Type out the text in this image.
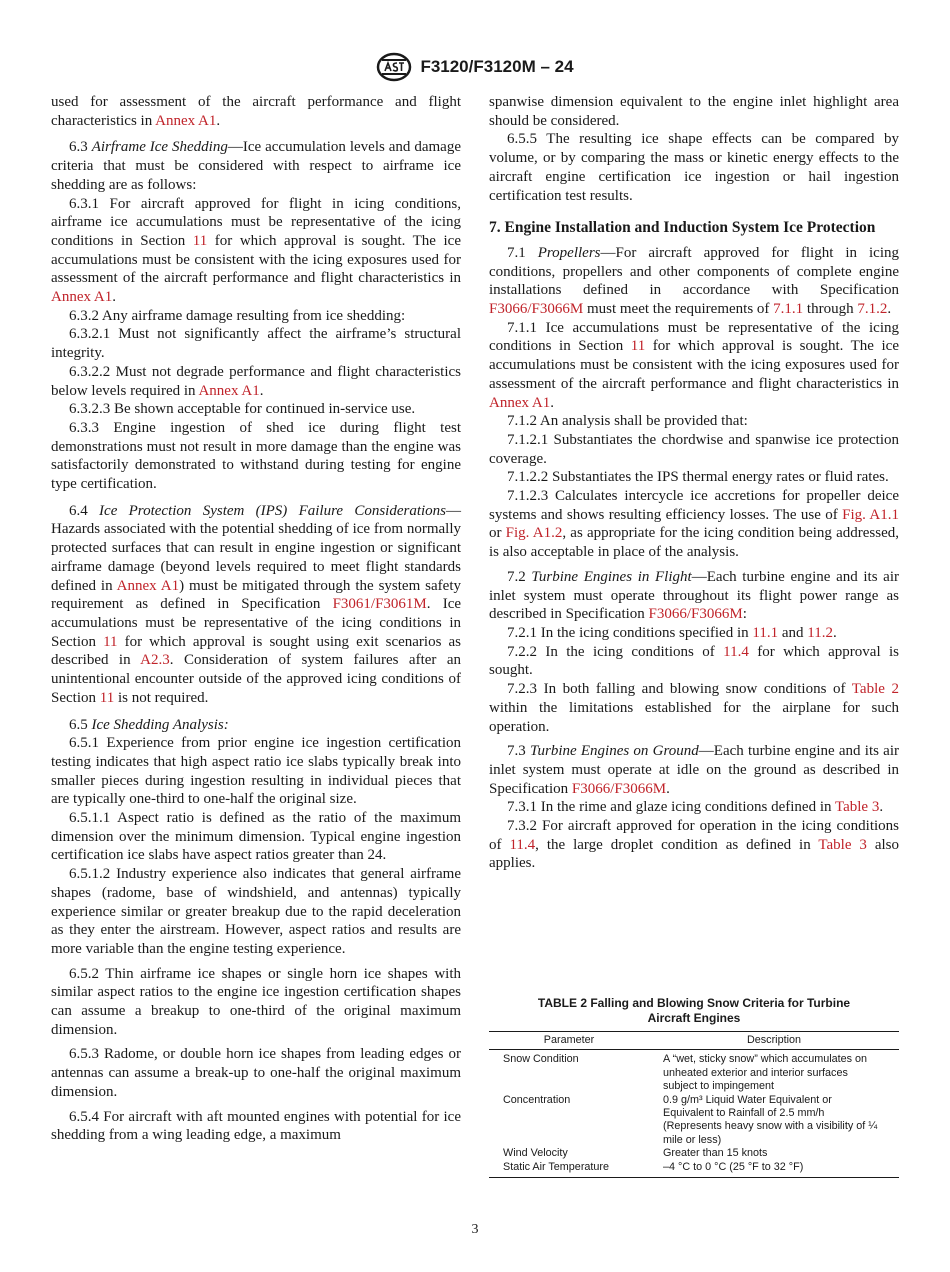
F3120/F3120M – 24

used for assessment of the aircraft performance and flight characteristics in Annex A1.

6.3 Airframe Ice Shedding—Ice accumulation levels and damage criteria that must be considered with respect to airframe ice shedding are as follows:

6.3.1 For aircraft approved for flight in icing conditions, airframe ice accumulations must be representative of the icing conditions in Section 11 for which approval is sought. The ice accumulations must be consistent with the icing exposures used for assessment of the aircraft performance and flight characteristics in Annex A1.

6.3.2 Any airframe damage resulting from ice shedding:

6.3.2.1 Must not significantly affect the airframe’s structural integrity.

6.3.2.2 Must not degrade performance and flight characteristics below levels required in Annex A1.

6.3.2.3 Be shown acceptable for continued in-service use.

6.3.3 Engine ingestion of shed ice during flight test demonstrations must not result in more damage than the engine was satisfactorily demonstrated to withstand during testing for engine type certification.

6.4 Ice Protection System (IPS) Failure Considerations—Hazards associated with the potential shedding of ice from normally protected surfaces that can result in engine ingestion or significant airframe damage (beyond levels required to meet flight standards defined in Annex A1) must be mitigated through the system safety requirement as defined in Specification F3061/F3061M. Ice accumulations must be representative of the icing conditions in Section 11 for which approval is sought using exit scenarios as described in A2.3. Consideration of system failures after an unintentional encounter outside of the approved icing conditions of Section 11 is not required.

6.5 Ice Shedding Analysis:

6.5.1 Experience from prior engine ice ingestion certification testing indicates that high aspect ratio ice slabs typically break into smaller pieces during ingestion resulting in individual pieces that are typically one-third to one-half the original size.

6.5.1.1 Aspect ratio is defined as the ratio of the maximum dimension over the minimum dimension. Typical engine ingestion certification ice slabs have aspect ratios greater than 24.

6.5.1.2 Industry experience also indicates that general airframe shapes (radome, base of windshield, and antennas) typically experience similar or greater breakup due to the rapid deceleration as they enter the airstream. However, aspect ratios and results are more variable than the engine testing experience.

6.5.2 Thin airframe ice shapes or single horn ice shapes with similar aspect ratios to the engine ice ingestion certification shapes can assume a breakup to one-third of the original maximum dimension.

6.5.3 Radome, or double horn ice shapes from leading edges or antennas can assume a break-up to one-half the original maximum dimension.

6.5.4 For aircraft with aft mounted engines with potential for ice shedding from a wing leading edge, a maximum

spanwise dimension equivalent to the engine inlet highlight area should be considered.

6.5.5 The resulting ice shape effects can be compared by volume, or by comparing the mass or kinetic energy effects to the aircraft engine certification ice ingestion or hail ingestion certification test results.

7. Engine Installation and Induction System Ice Protection

7.1 Propellers—For aircraft approved for flight in icing conditions, propellers and other components of complete engine installations defined in accordance with Specification F3066/F3066M must meet the requirements of 7.1.1 through 7.1.2.

7.1.1 Ice accumulations must be representative of the icing conditions in Section 11 for which approval is sought. The ice accumulations must be consistent with the icing exposures used for assessment of the aircraft performance and flight characteristics in Annex A1.

7.1.2 An analysis shall be provided that:

7.1.2.1 Substantiates the chordwise and spanwise ice protection coverage.

7.1.2.2 Substantiates the IPS thermal energy rates or fluid rates.

7.1.2.3 Calculates intercycle ice accretions for propeller deice systems and shows resulting efficiency losses. The use of Fig. A1.1 or Fig. A1.2, as appropriate for the icing condition being addressed, is also acceptable in place of the analysis.

7.2 Turbine Engines in Flight—Each turbine engine and its air inlet system must operate throughout its flight power range as described in Specification F3066/F3066M:

7.2.1 In the icing conditions specified in 11.1 and 11.2.

7.2.2 In the icing conditions of 11.4 for which approval is sought.

7.2.3 In both falling and blowing snow conditions of Table 2 within the limitations established for the airplane for such operation.

7.3 Turbine Engines on Ground—Each turbine engine and its air inlet system must operate at idle on the ground as described in Specification F3066/F3066M.

7.3.1 In the rime and glaze icing conditions defined in Table 3.

7.3.2 For aircraft approved for operation in the icing conditions of 11.4, the large droplet condition as defined in Table 3 also applies.

TABLE 2 Falling and Blowing Snow Criteria for Turbine Aircraft Engines
Parameter	Description
Snow Condition	A “wet, sticky snow” which accumulates on
unheated exterior and interior surfaces
subject to impingement

Concentration	0.9 g/m³ Liquid Water Equivalent or
Equivalent to Rainfall of 2.5 mm/h
(Represents heavy snow with a visibility of ¼
mile or less)

Wind Velocity	Greater than 15 knots

Static Air Temperature	–4 °C to 0 °C (25 °F to 32 °F)
3
